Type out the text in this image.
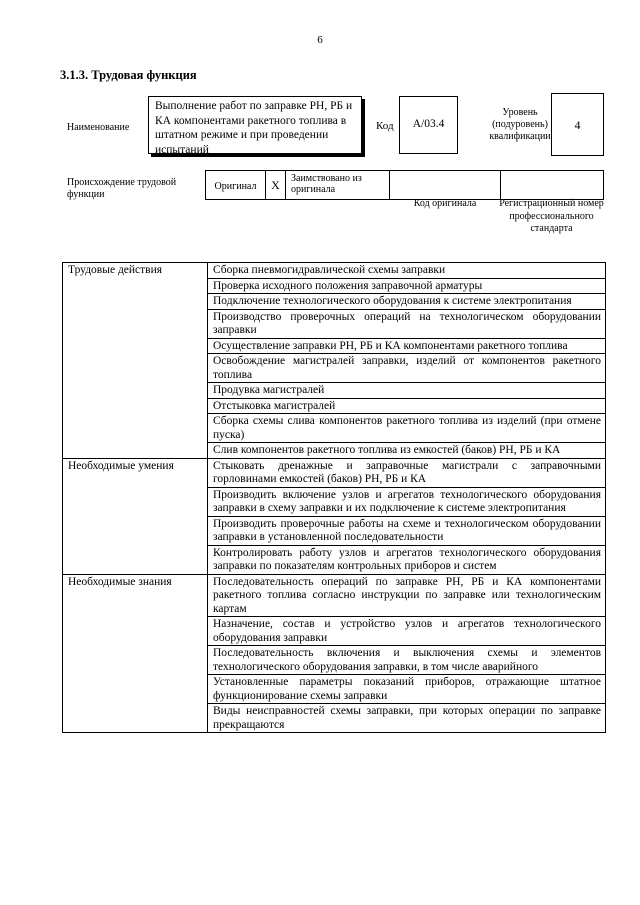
6
3.1.3. Трудовая функция
Наименование
Выполнение работ по заправке РН, РБ и КА компонентами ракетного топлива в штатном режиме и при проведении испытаний
Код	A/03.4
Уровень (подуровень) квалификации
4
Происхождение трудовой функции
Оригинал	X	Заимствовано из оригинала
Код оригинала	Регистрационный номер профессионального стандарта
Трудовые действия	Сборка пневмогидравлической схемы заправки
	Проверка исходного положения заправочной арматуры
	Подключение технологического оборудования к системе электропитания
	Производство проверочных операций на технологическом оборудовании заправки
	Осуществление заправки РН, РБ и КА компонентами ракетного топлива
	Освобождение магистралей заправки, изделий от компонентов ракетного топлива
	Продувка магистралей
	Отстыковка магистралей
	Сборка схемы слива компонентов ракетного топлива из изделий (при отмене пуска)
	Слив компонентов ракетного топлива из емкостей (баков) РН, РБ и КА
Необходимые умения	Стыковать дренажные и заправочные магистрали с заправочными горловинами емкостей (баков) РН, РБ и КА
	Производить включение узлов и агрегатов технологического оборудования заправки в схему заправки и их подключение к системе электропитания
	Производить проверочные работы на схеме и технологическом оборудовании заправки в установленной последовательности
	Контролировать работу узлов и агрегатов технологического оборудования заправки по показателям контрольных приборов и систем
Необходимые знания	Последовательность операций по заправке РН, РБ и КА компонентами ракетного топлива согласно инструкции по заправке или технологическим картам
	Назначение, состав и устройство узлов и агрегатов технологического оборудования заправки
	Последовательность включения и выключения схемы и элементов технологического оборудования заправки, в том числе аварийного
	Установленные параметры показаний приборов, отражающие штатное функционирование схемы заправки
	Виды неисправностей схемы заправки, при которых операции по заправке прекращаются
